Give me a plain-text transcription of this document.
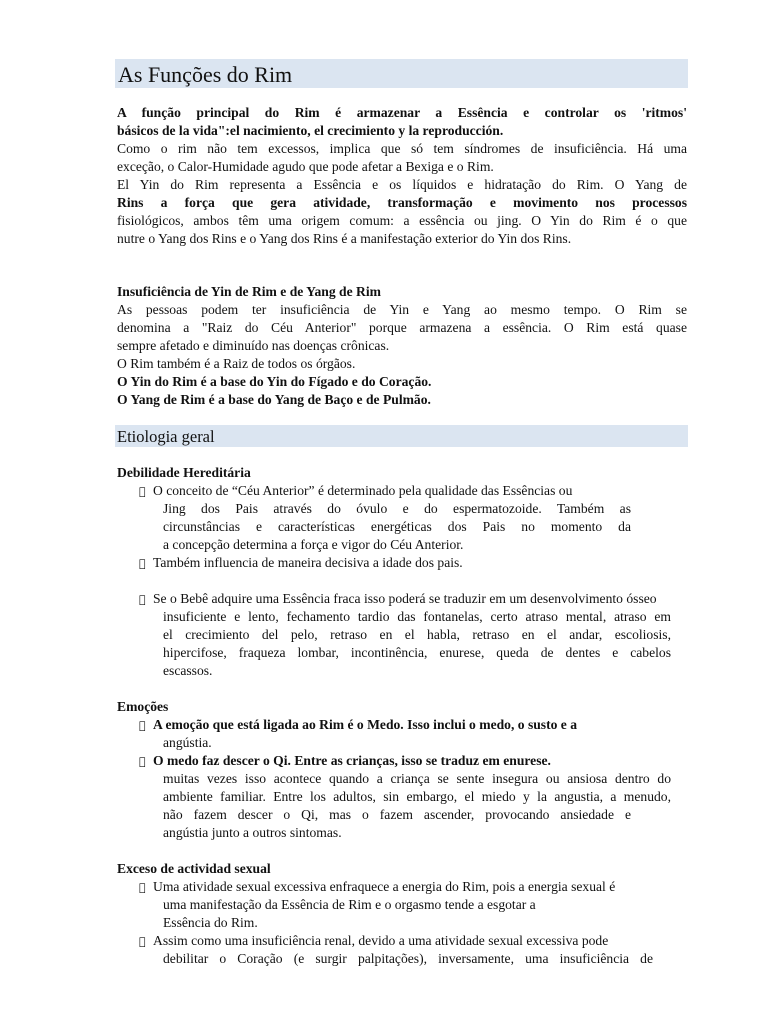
As Funções do Rim
A função principal do Rim é armazenar a Essência e controlar os 'ritmos'
básicos de la vida":el nacimiento, el crecimiento y la reproducción.
Como o rim não tem excessos, implica que só tem síndromes de insuficiência. Há uma
exceção, o Calor-Humidade agudo que pode afetar a Bexiga e o Rim.
El Yin do Rim representa a Essência e os líquidos e hidratação do Rim. O Yang de
Rins a força que gera atividade, transformação e movimento nos processos
fisiológicos, ambos têm uma origem comum: a essência ou jing. O Yin do Rim é o que
nutre o Yang dos Rins e o Yang dos Rins é a manifestação exterior do Yin dos Rins.
Insuficiência de Yin de Rim e de Yang de Rim
As pessoas podem ter insuficiência de Yin e Yang ao mesmo tempo. O Rim se
denomina a "Raiz do Céu Anterior" porque armazena a essência. O Rim está quase
sempre afetado e diminuído nas doenças crônicas.
O Rim também é a Raiz de todos os órgãos.
O Yin do Rim é a base do Yin do Fígado e do Coração.
O Yang de Rim é a base do Yang de Baço e de Pulmão.
Etiologia geral
Debilidade Hereditária
O conceito de “Céu Anterior” é determinado pela qualidade das Essências ou
Jing dos Pais através do óvulo e do espermatozoide. Também as
circunstâncias e características energéticas dos Pais no momento da
a concepção determina a força e vigor do Céu Anterior.
Também influencia de maneira decisiva a idade dos pais.
Se o Bebê adquire uma Essência fraca isso poderá se traduzir em um desenvolvimento ósseo
insuficiente e lento, fechamento tardio das fontanelas, certo atraso mental, atraso em
el crecimiento del pelo, retraso en el habla, retraso en el andar, escoliosis,
hipercifose, fraqueza lombar, incontinência, enurese, queda de dentes e cabelos
escassos.
Emoções
A emoção que está ligada ao Rim é o Medo. Isso inclui o medo, o susto e a
angústia.
O medo faz descer o Qi. Entre as crianças, isso se traduz em enurese.
muitas vezes isso acontece quando a criança se sente insegura ou ansiosa dentro do
ambiente familiar. Entre los adultos, sin embargo, el miedo y la angustia, a menudo,
não fazem descer o Qi, mas o fazem ascender, provocando ansiedade e
angústia junto a outros sintomas.
Exceso de actividad sexual
Uma atividade sexual excessiva enfraquece a energia do Rim, pois a energia sexual é
uma manifestação da Essência de Rim e o orgasmo tende a esgotar a
Essência do Rim.
Assim como uma insuficiência renal, devido a uma atividade sexual excessiva pode
debilitar o Coração (e surgir palpitações), inversamente, uma insuficiência de
